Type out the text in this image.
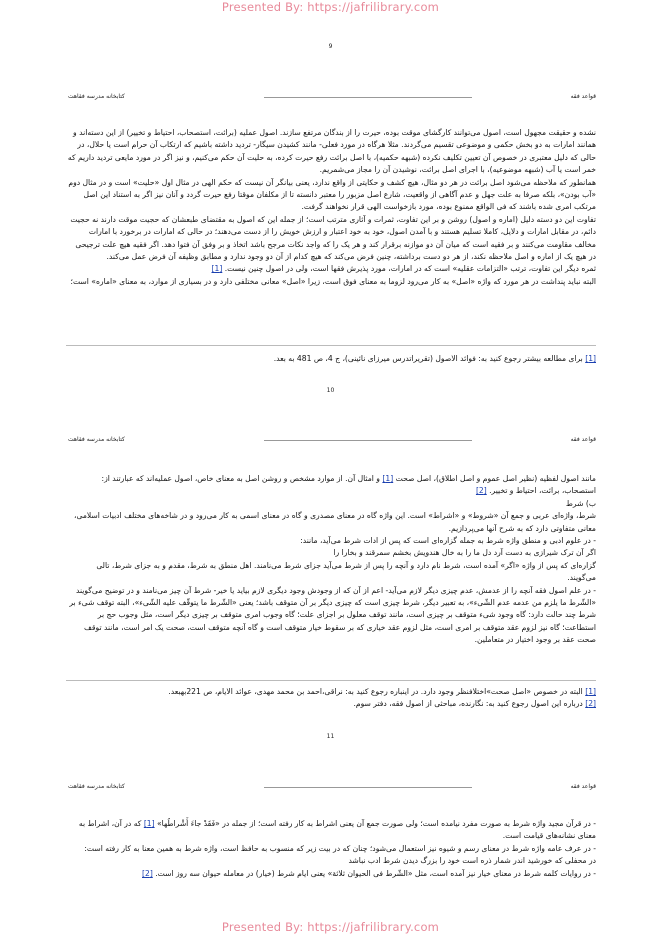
Presented By: https://jafrilibrary.com
9
کتابخانه مدرسه فقاهت	قواعد فقه

نشده و حقیقت مجهول است، اصول می‌توانند کارگشای موقت بوده، حیرت را از بندگان مرتفع سازند. اصول عملیه (برائت، استصحاب، احتیاط و تخییر) از این دسته‌اند و همانند امارات به دو بخش حکمی و موضوعی تقسیم می‌گردند. مثلا هرگاه در مورد فعلی- مانند کشیدن سیگار- تردید داشته باشیم که ارتکاب آن حرام است یا حلال، در حالی که دلیل معتبری در خصوص آن تعیین تکلیف نکرده (شبهه حکمیه)، با اصل برائت رفع حیرت کرده، به حلیت آن حکم می‌کنیم، و نیز اگر در مورد مایعی تردید داریم که خمر است یا آب (شبهه موضوعیه)، با اجرای اصل برائت، نوشیدن آن را مجاز می‌شمریم.

همانطور که ملاحظه می‌شود اصل برائت در هر دو مثال، هیچ کشف و حکایتی از واقع ندارد، یعنی بیانگر آن نیست که حکم الهی در مثال اول «حلیت» است و در مثال دوم «آب بودن»، بلکه صرفا به علت جهل و عدم آگاهی از واقعیت، شارع اصل مزبور را معتبر دانسته تا از مکلفان موقتا رفع حیرت گردد و آنان نیز اگر به استناد این اصل مرتکب امری شده باشند که فی الواقع ممنوع بوده، مورد بازخواست الهی قرار نخواهند گرفت.

تفاوت این دو دسته دلیل (اماره و اصول) روشن و بر این تفاوت، ثمرات و آثاری مترتب است؛ از جمله این که اصول به مقتضای طبعشان که حجیت موقت دارند نه حجیت دائم، در مقابل امارات و دلایل، کاملا تسلیم هستند و با آمدن اصول، خود به خود اعتبار و ارزش خویش را از دست می‌دهند؛ در حالی که امارات در برخورد با امارات مخالف مقاومت می‌کنند و بر فقیه است که میان آن دو موازنه برقرار کند و هر یک را که واجد نکات مرجح باشد اتخاذ و بر وفق آن فتوا دهد. اگر فقیه هیچ علت ترجیحی در هیچ یک از اماره و اصل ملاحظه نکند، از هر دو دست برداشته، چنین فرض می‌کند که هیچ کدام از آن دو وجود ندارد و مطابق وظیفه آن فرض عمل می‌کند.

ثمره دیگر این تفاوت، ترتب «التزامات عقلیه» است که در امارات، مورد پذیرش فقها است، ولی در اصول چنین نیست. [1]

البته نباید پنداشت در هر مورد که واژه «اصل» به کار می‌رود لزوما به معنای فوق است، زیرا «اصل» معانی مختلفی دارد و در بسیاری از موارد، به معنای «اماره» است؛

[1] برای مطالعه بیشتر رجوع کنید به: فوائد الاصول (تقریراتدرس میرزای نائینی)، ج 4، ص 481 به بعد.

10
کتابخانه مدرسه فقاهت	قواعد فقه

مانند اصول لفظیه (نظیر اصل عموم و اصل اطلاق)، اصل صحت [1] و امثال آن. از موارد مشخص و روشن اصل به معنای خاص، اصول عملیه‌اند که عبارتند از: استصحاب، برائت، احتیاط و تخییر. [2]

ب) شرط

شرط، واژه‌ای عربی و جمع آن «شروط» و «اشراط» است. این واژه گاه در معنای مصدری و گاه در معنای اسمی به کار می‌رود و در شاخه‌های مختلف ادبیات اسلامی، معانی متفاوتی دارد که به شرح آنها می‌پردازیم.

- در علوم ادبی و منطق واژه شرط به جمله گزاره‌ای است که پس از ادات شرط می‌آید، مانند:

اگر آن ترک شیرازی به دست آرد دل ما را به خال هندویش بخشم سمرقند و بخارا را

گزاره‌ای که پس از واژه «اگر» آمده است، شرط نام دارد و آنچه را پس از شرط می‌آید جزای شرط می‌نامند. اهل منطق به شرط، مقدم و به جزای شرط، تالی می‌گویند.

- در علم اصول فقه آنچه را از عدمش، عدم چیزی دیگر لازم می‌آید- اعم از آن که از وجودش وجود دیگری لازم بیاید یا خیر- شرط آن چیز می‌نامند و در توضیح می‌گویند «الشّرط ما یلزم من عدمه عدم الشّیء»، به تعبیر دیگر، شرط چیزی است که چیزی دیگر بر آن متوقف باشد؛ یعنی «الشّرط ما یتوقّف علیه الشّیء»، البته توقف شیء بر شرط چند حالت دارد: گاه وجود شیء متوقف بر چیزی است، مانند توقف معلول بر اجزای علت؛ گاه وجوب امری متوقف بر چیزی دیگر است، مثل وجوب حج بر استطاعت؛ گاه نیز لزوم عقد متوقف بر امری است، مثل لزوم عقد خیاری که بر سقوط خیار متوقف است و گاه آنچه متوقف است، صحت یک امر است، مانند توقف صحت عقد بر وجود اختیار در متعاملین.

[1] البته در خصوص «اصل صحت»اختلافنظر وجود دارد. در اینباره رجوع کنید به: نراقی،احمد بن محمد مهدی، عوائد الایام، ص 221بهبعد.

[2] درباره این اصول رجوع کنید به: نگارنده، مباحثی از اصول فقه، دفتر سوم.

11
کتابخانه مدرسه فقاهت	قواعد فقه

- در قرآن مجید واژه شرط به صورت مفرد نیامده است؛ ولی صورت جمع آن یعنی اشراط به کار رفته است؛ از جمله در «فَقَدْ جاءَ أَشْراطُها» [1] که در آن، اشراط به معنای نشانه‌های قیامت است.

- در عرف عامه واژه شرط در معنای رسم و شیوه نیز استعمال می‌شود؛ چنان که در بیت زیر که منسوب به حافظ است، واژه شرط به همین معنا به کار رفته است:

در محفلی که خورشید اندر شمار ذره است خود را بزرگ دیدن شرط ادب نباشد

- در روایات کلمه شرط در معنای خیار نیز آمده است، مثل «الشّرط فی الحیوان ثلاثة» یعنی ایام شرط (خیار) در معامله حیوان سه روز است. [2]

Presented By: https://jafrilibrary.com
